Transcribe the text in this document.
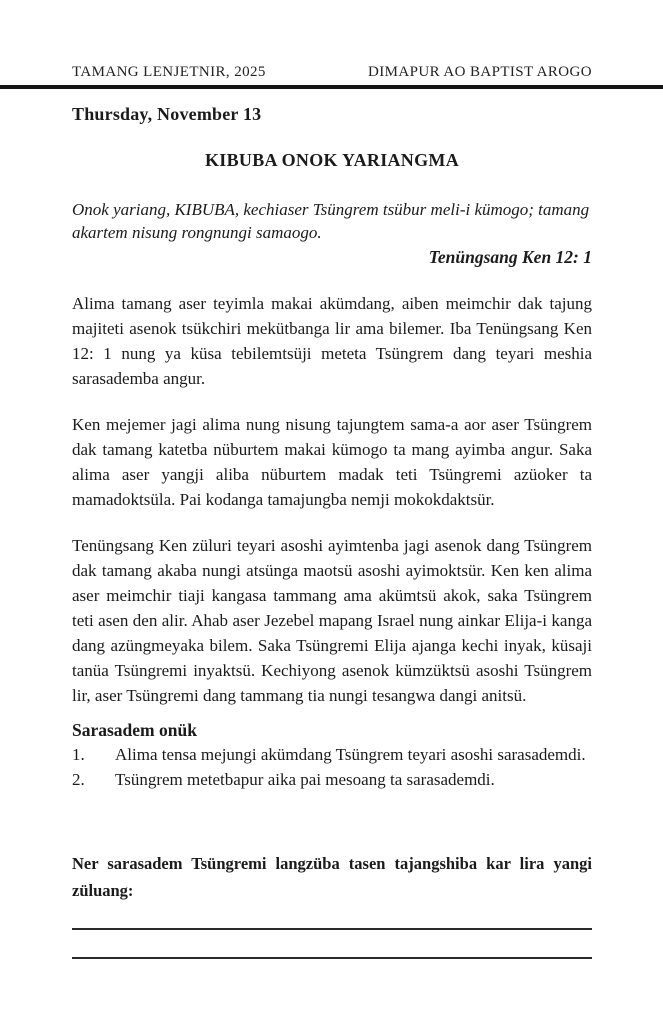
TAMANG LENJETNIR, 2025	DIMAPUR AO BAPTIST AROGO
Thursday, November 13
KIBUBA ONOK YARIANGMA
Onok yariang, KIBUBA, kechiaser Tsüngrem tsübur meli-i kümogo; tamang akartem nisung rongnungi samaogo.
Tenüngsang Ken 12: 1

Alima tamang aser teyimla makai akümdang, aiben meimchir dak tajung majiteti asenok tsükchiri mekütbanga lir ama bilemer. Iba Tenüngsang Ken 12: 1 nung ya küsa tebilemtsüji meteta Tsüngrem dang teyari meshia sarasademba angur.

Ken mejemer jagi alima nung nisung tajungtem sama-a aor aser Tsüngrem dak tamang katetba nüburtem makai kümogo ta mang ayimba angur. Saka alima aser yangji aliba nüburtem madak teti Tsüngremi azüoker ta mamadoktsüla. Pai kodanga tamajungba nemji mokokdaktsür.

Tenüngsang Ken züluri teyari asoshi ayimtenba jagi asenok dang Tsüngrem dak tamang akaba nungi atsünga maotsü asoshi ayimoktsür. Ken ken alima aser meimchir tiaji kangasa tammang ama akümtsü akok, saka Tsüngrem teti asen den alir. Ahab aser Jezebel mapang Israel nung ainkar Elija-i kanga dang azüngmeyaka bilem. Saka Tsüngremi Elija ajanga kechi inyak, küsaji tanüa Tsüngremi inyaktsü. Kechiyong asenok kümzüktsü asoshi Tsüngrem lir, aser Tsüngremi dang tammang tia nungi tesangwa dangi anitsü.

Sarasadem onük
1.	Alima tensa mejungi akümdang Tsüngrem teyari asoshi sarasademdi.
2.	Tsüngrem metetbapur aika pai mesoang ta sarasademdi.
Ner sarasadem Tsüngremi langzüba tasen tajangshiba kar lira yangi züluang:
